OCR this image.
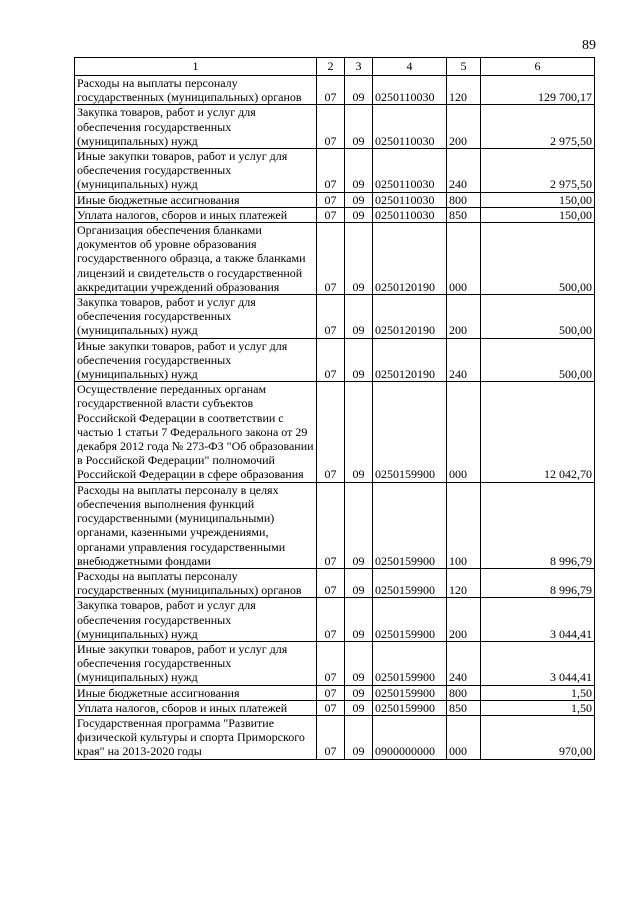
89
1	2	3	4	5	6
Расходы на выплаты персоналу государственных (муниципальных) органов	07	09	0250110030	120	129 700,17
Закупка товаров, работ и услуг для обеспечения государственных (муниципальных) нужд	07	09	0250110030	200	2 975,50
Иные закупки товаров, работ и услуг для обеспечения государственных (муниципальных) нужд	07	09	0250110030	240	2 975,50
Иные бюджетные ассигнования	07	09	0250110030	800	150,00
Уплата налогов, сборов и иных платежей	07	09	0250110030	850	150,00
Организация обеспечения бланками документов об уровне образования государственного образца, а также бланками лицензий и свидетельств о государственной аккредитации учреждений образования	07	09	0250120190	000	500,00
Закупка товаров, работ и услуг для обеспечения государственных (муниципальных) нужд	07	09	0250120190	200	500,00
Иные закупки товаров, работ и услуг для обеспечения государственных (муниципальных) нужд	07	09	0250120190	240	500,00
Осуществление переданных органам государственной власти субъектов Российской Федерации в соответствии с частью 1 статьи 7 Федерального закона от 29 декабря 2012 года № 273-ФЗ "Об образовании в Российской Федерации" полномочий Российской Федерации в сфере образования	07	09	0250159900	000	12 042,70
Расходы на выплаты персоналу в целях обеспечения выполнения функций государственными (муниципальными) органами, казенными учреждениями, органами управления государственными внебюджетными фондами	07	09	0250159900	100	8 996,79
Расходы на выплаты персоналу государственных (муниципальных) органов	07	09	0250159900	120	8 996,79
Закупка товаров, работ и услуг для обеспечения государственных (муниципальных) нужд	07	09	0250159900	200	3 044,41
Иные закупки товаров, работ и услуг для обеспечения государственных (муниципальных) нужд	07	09	0250159900	240	3 044,41
Иные бюджетные ассигнования	07	09	0250159900	800	1,50
Уплата налогов, сборов и иных платежей	07	09	0250159900	850	1,50
Государственная программа "Развитие физической культуры и спорта Приморского края" на 2013-2020 годы	07	09	0900000000	000	970,00
